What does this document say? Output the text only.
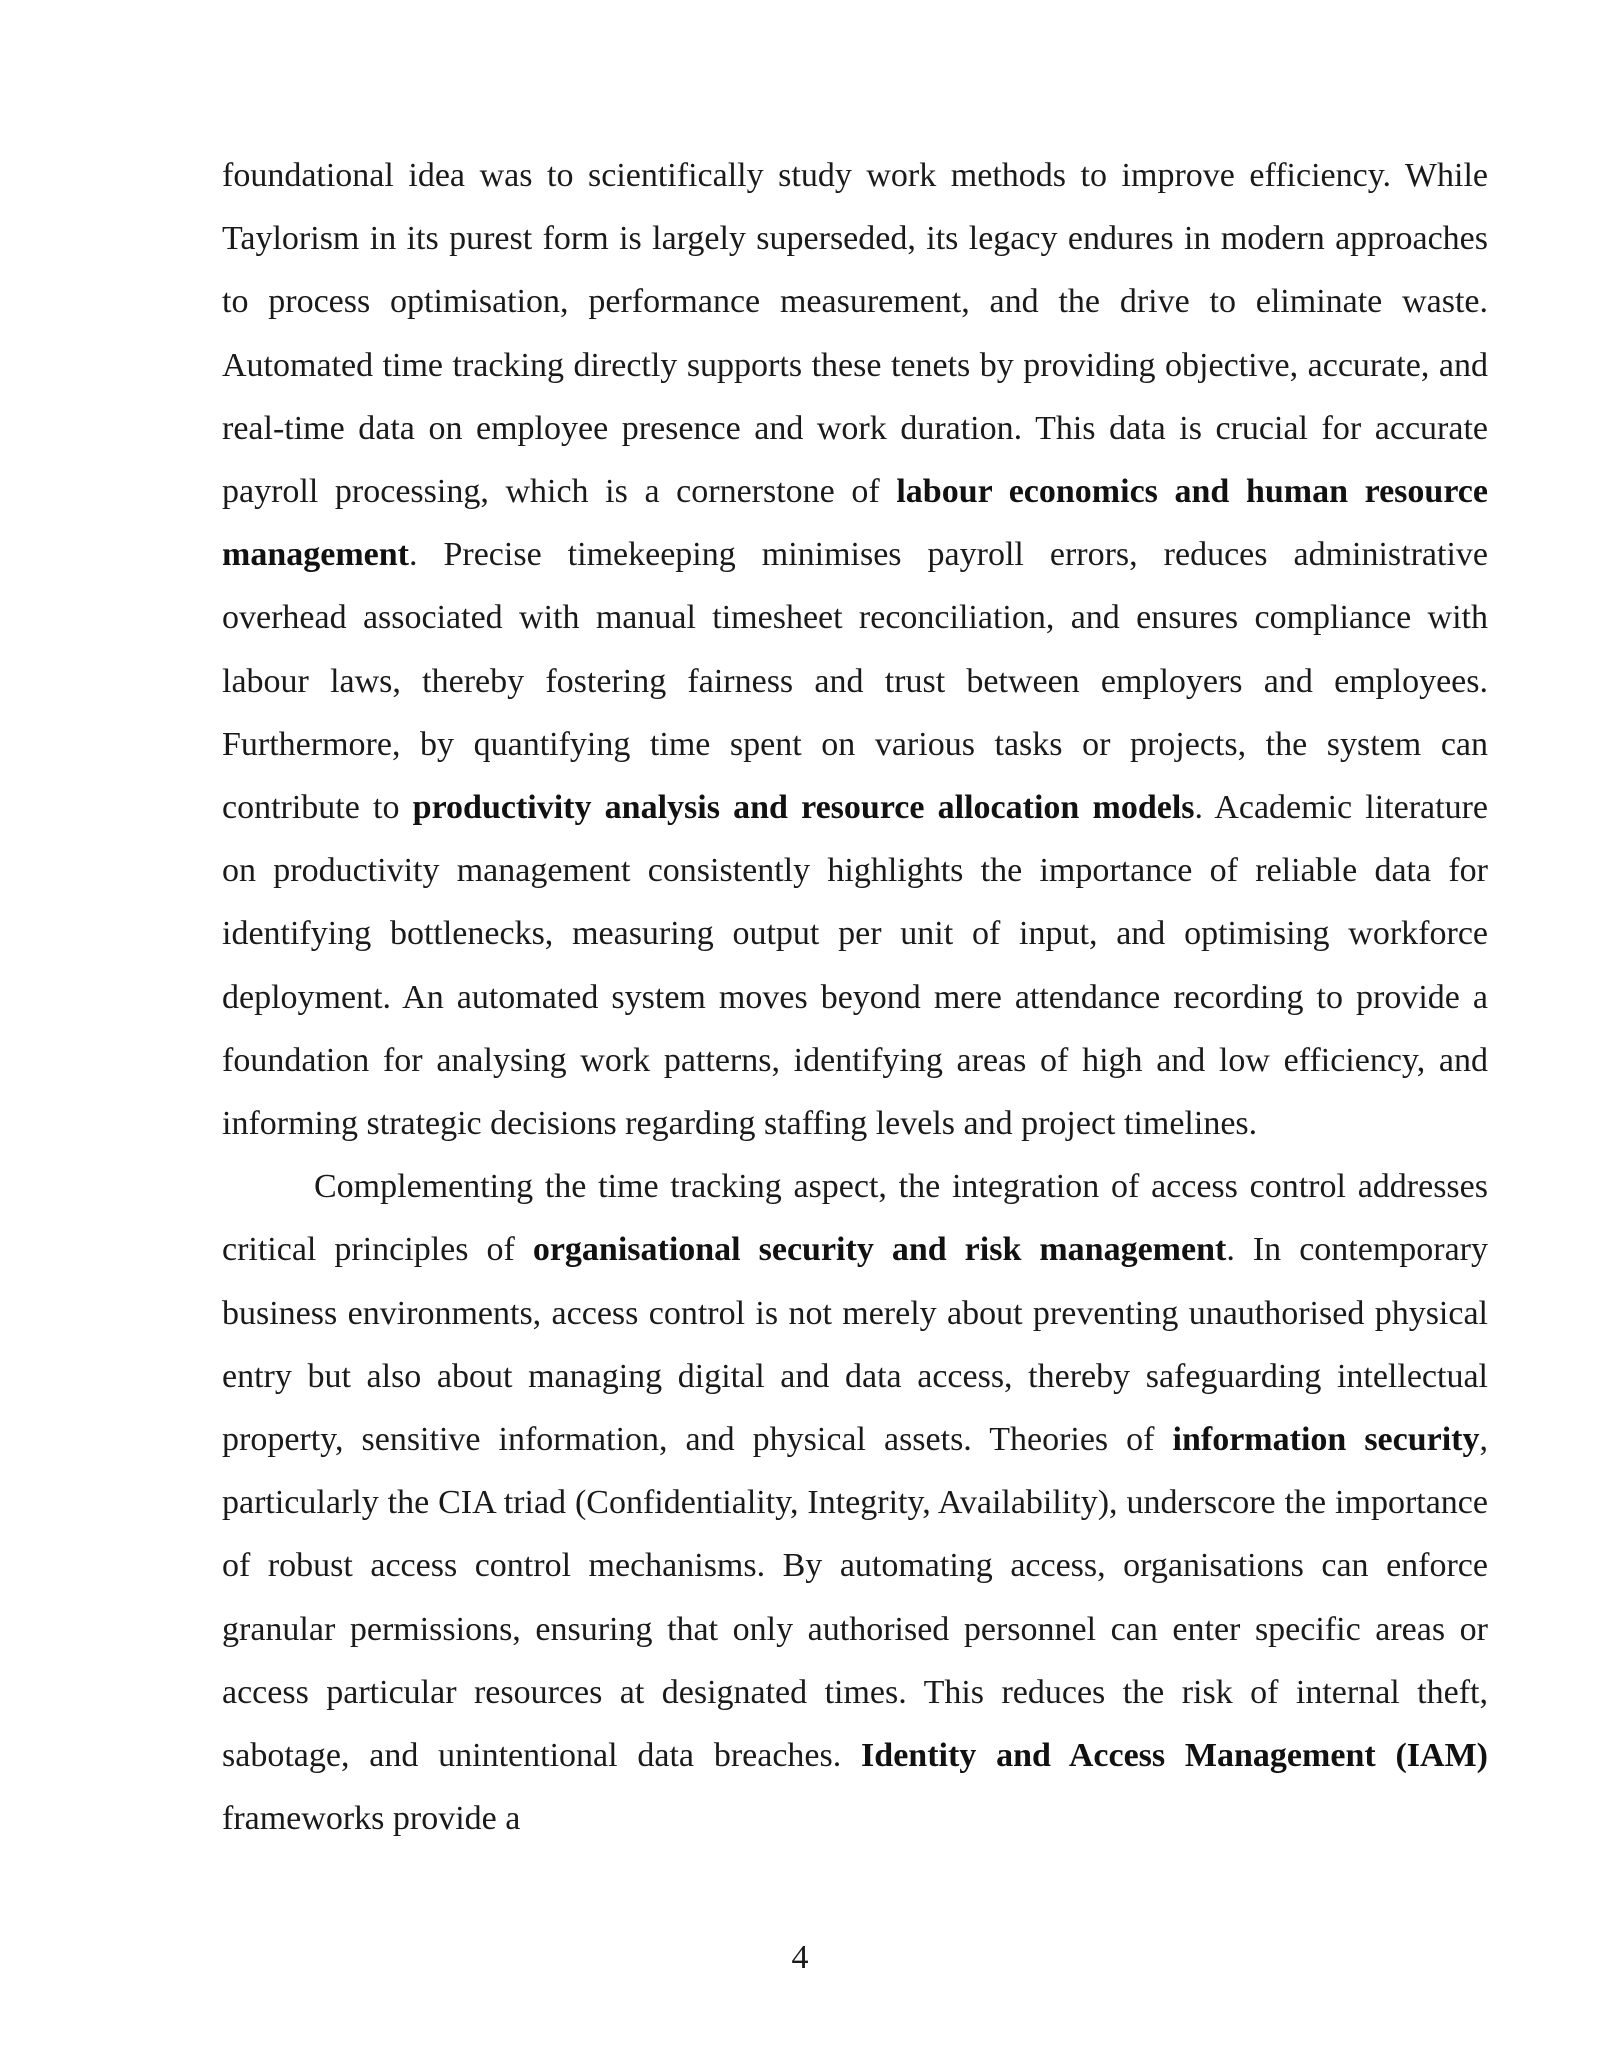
foundational idea was to scientifically study work methods to improve efficiency. While Taylorism in its purest form is largely superseded, its legacy endures in modern approaches to process optimisation, performance measurement, and the drive to eliminate waste. Automated time tracking directly supports these tenets by providing objective, accurate, and real-time data on employee presence and work duration. This data is crucial for accurate payroll processing, which is a cornerstone of labour economics and human resource management. Precise timekeeping minimises payroll errors, reduces administrative overhead associated with manual timesheet reconciliation, and ensures compliance with labour laws, thereby fostering fairness and trust between employers and employees. Furthermore, by quantifying time spent on various tasks or projects, the system can contribute to productivity analysis and resource allocation models. Academic literature on productivity management consistently highlights the importance of reliable data for identifying bottlenecks, measuring output per unit of input, and optimising workforce deployment. An automated system moves beyond mere attendance recording to provide a foundation for analysing work patterns, identifying areas of high and low efficiency, and informing strategic decisions regarding staffing levels and project timelines.

Complementing the time tracking aspect, the integration of access control addresses critical principles of organisational security and risk management. In contemporary business environments, access control is not merely about preventing unauthorised physical entry but also about managing digital and data access, thereby safeguarding intellectual property, sensitive information, and physical assets. Theories of information security, particularly the CIA triad (Confidentiality, Integrity, Availability), underscore the importance of robust access control mechanisms. By automating access, organisations can enforce granular permissions, ensuring that only authorised personnel can enter specific areas or access particular resources at designated times. This reduces the risk of internal theft, sabotage, and unintentional data breaches. Identity and Access Management (IAM) frameworks provide a

4
